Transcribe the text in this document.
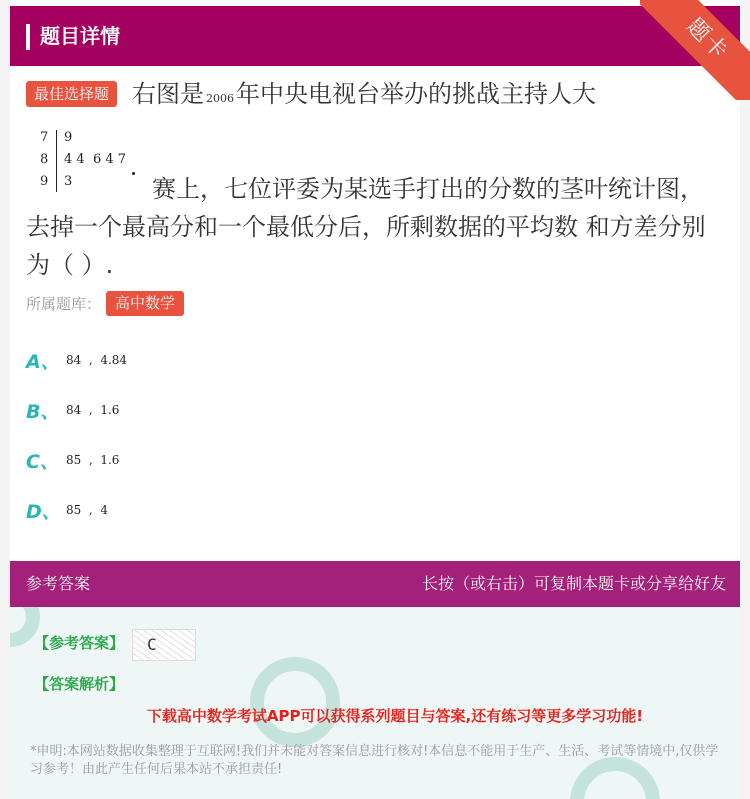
题目详情	题卡
最佳选择题 右图是 2006年中央电视台举办的挑战主持人大
7 9
8 4 4  6 4 7
9 3	赛上，七位评委为某选手打出的分数的茎叶统计图，
去掉一个最高分和一个最低分后，所剩数据的平均数 和方差分别
为（ ）.
所属题库： 高中数学
A、 84  ,  4.84
B、 84  ,  1.6
C、 85  ,  1.6
D、 85  ,  4
参考答案	长按（或右击）可复制本题卡或分享给好友
【参考答案】	C
【答案解析】
下载高中数学考试APP可以获得系列题目与答案,还有练习等更多学习功能!
*申明:本网站数据收集整理于互联网!我们并未能对答案信息进行核对!本信息不能用于生产、生活、考试等情境中,仅供学习参考！由此产生任何后果本站不承担责任!
